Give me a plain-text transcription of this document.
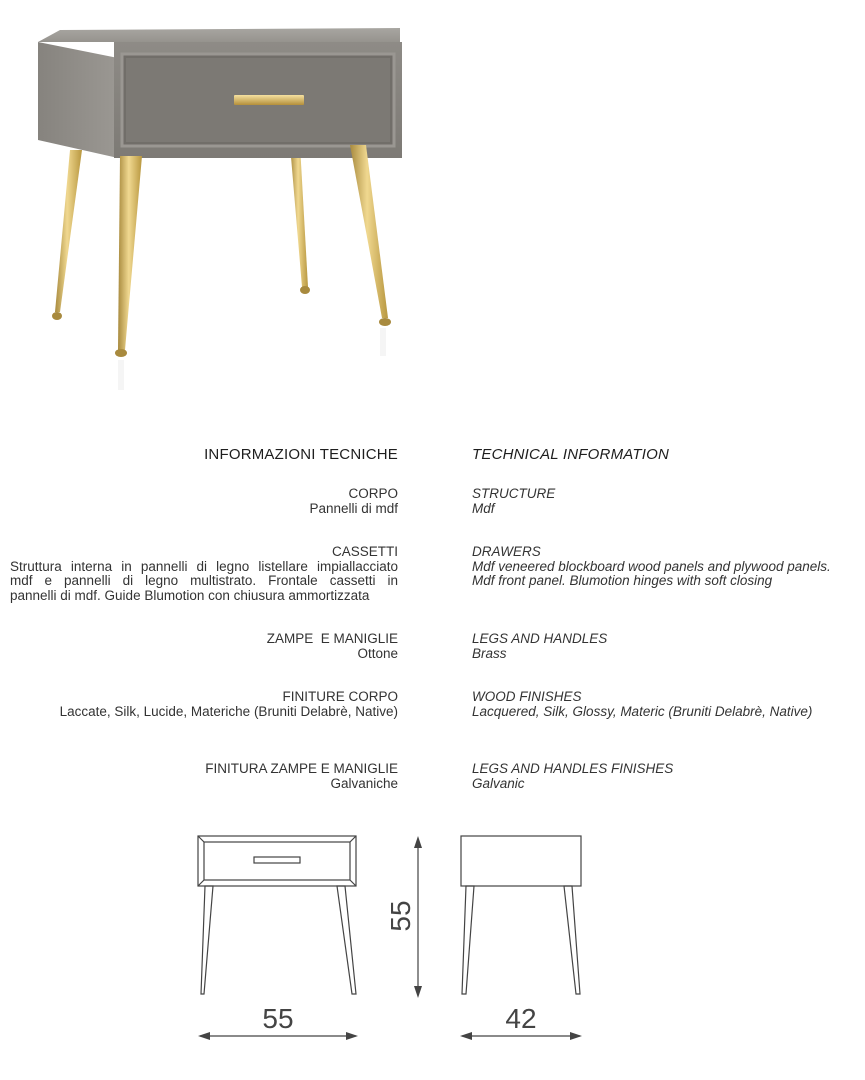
INFORMAZIONI TECNICHE	TECHNICAL INFORMATION
CORPO
Pannelli di mdf
STRUCTURE
Mdf
CASSETTI
Struttura interna in pannelli di legno listellare impiallacciato
mdf e pannelli di legno multistrato. Frontale cassetti in
pannelli di mdf. Guide Blumotion con chiusura ammortizzata
DRAWERS
Mdf veneered blockboard wood panels and plywood panels.
Mdf front panel. Blumotion hinges with soft closing
ZAMPE  E MANIGLIE
Ottone
LEGS AND HANDLES
Brass
FINITURE CORPO
Laccate, Silk, Lucide, Materiche (Bruniti Delabrè, Native)
WOOD FINISHES
Lacquered, Silk, Glossy, Materic (Bruniti Delabrè, Native)
FINITURA ZAMPE E MANIGLIE
Galvaniche
LEGS AND HANDLES FINISHES
Galvanic
55	42
55
